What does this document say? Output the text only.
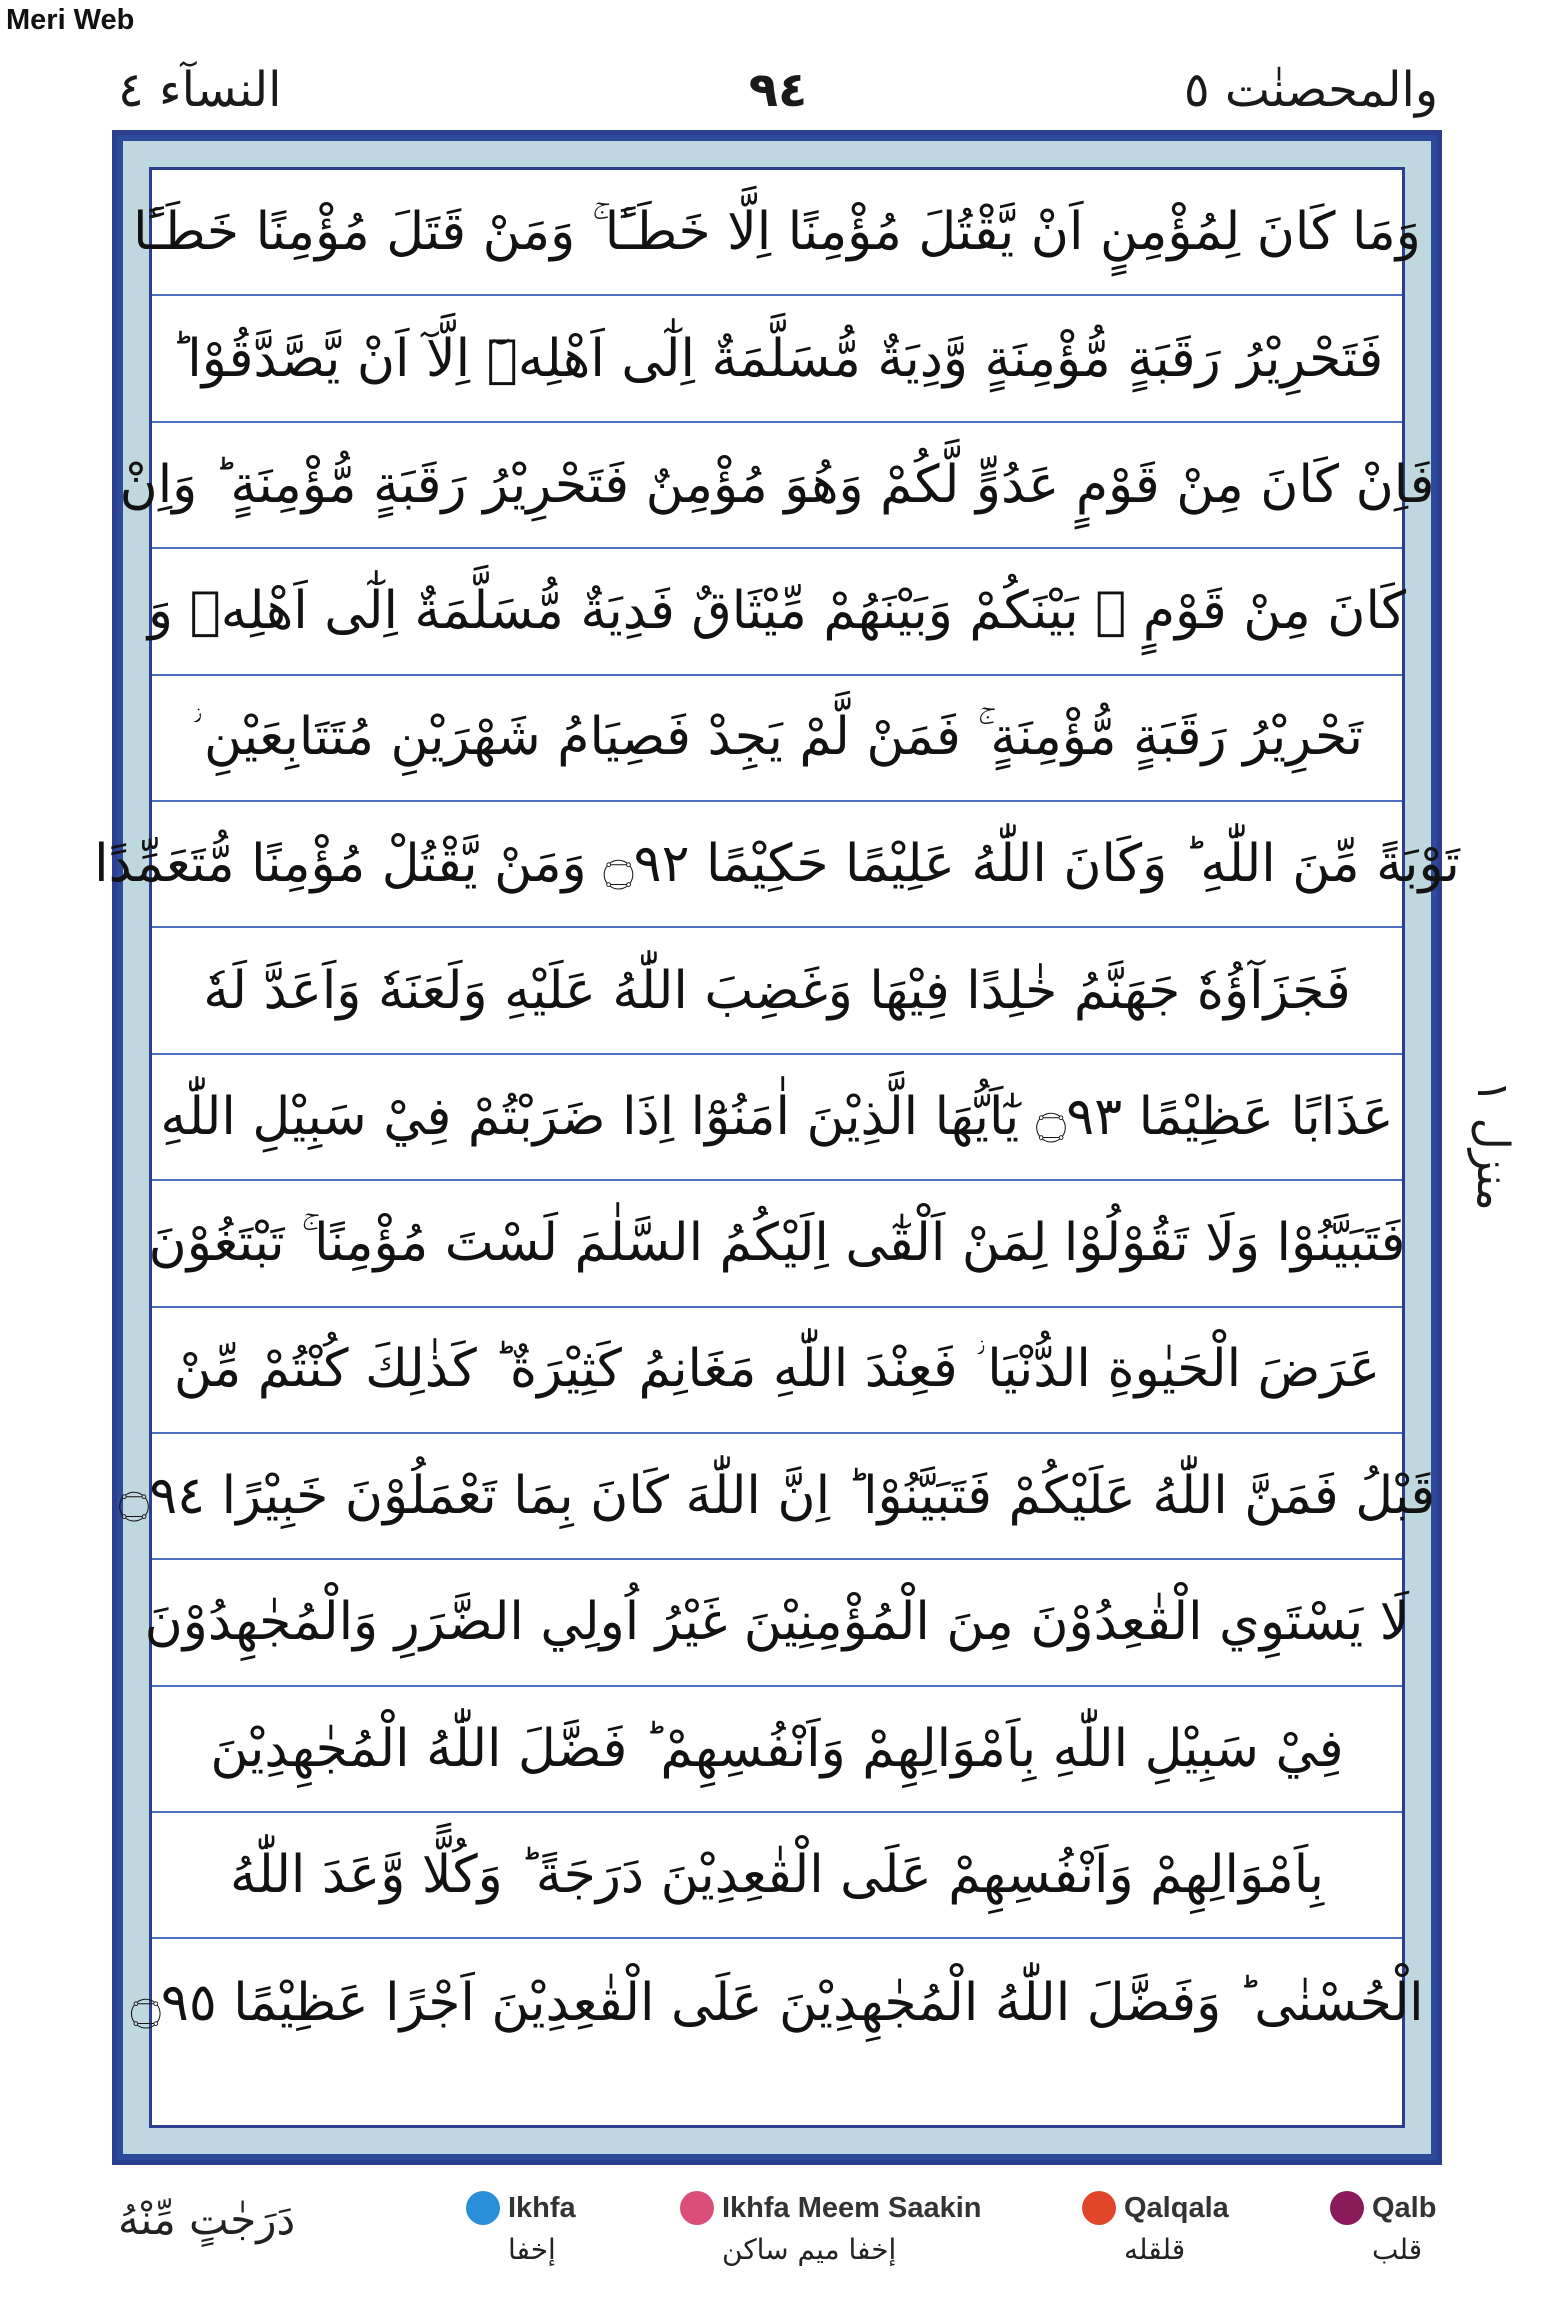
Meri Web
النسآء ٤	٩٤	والمحصنٰت ٥
وَمَا كَانَ لِمُؤْمِنٍ اَنْ يَّقْتُلَ مُؤْمِنًا اِلَّا خَطَـًٔا ۚ وَمَنْ قَتَلَ مُؤْمِنًا خَطَـًٔا
فَتَحْرِيْرُ رَقَبَةٍ مُّؤْمِنَةٍ وَّدِيَةٌ مُّسَلَّمَةٌ اِلٰٓى اَهْلِهٖٓ اِلَّآ اَنْ يَّصَّدَّقُوْا ؕ
فَاِنْ كَانَ مِنْ قَوْمٍ عَدُوٍّ لَّكُمْ وَهُوَ مُؤْمِنٌ فَتَحْرِيْرُ رَقَبَةٍ مُّؤْمِنَةٍ ؕ وَاِنْ
كَانَ مِنْ قَوْمٍ ۢ بَيْنَكُمْ وَبَيْنَهُمْ مِّيْثَاقٌ فَدِيَةٌ مُّسَلَّمَةٌ اِلٰٓى اَهْلِهٖ وَ
تَحْرِيْرُ رَقَبَةٍ مُّؤْمِنَةٍ ۚ فَمَنْ لَّمْ يَجِدْ فَصِيَامُ شَهْرَيْنِ مُتَتَابِعَيْنِ ؗ
تَوْبَةً مِّنَ اللّٰهِ ؕ وَكَانَ اللّٰهُ عَلِيْمًا حَكِيْمًا ۝٩٢ وَمَنْ يَّقْتُلْ مُؤْمِنًا مُّتَعَمِّدًا
فَجَزَآؤُهٗ جَهَنَّمُ خٰلِدًا فِيْهَا وَغَضِبَ اللّٰهُ عَلَيْهِ وَلَعَنَهٗ وَاَعَدَّ لَهٗ
عَذَابًا عَظِيْمًا ۝٩٣ يٰٓاَيُّهَا الَّذِيْنَ اٰمَنُوْٓا اِذَا ضَرَبْتُمْ فِيْ سَبِيْلِ اللّٰهِ
فَتَبَيَّنُوْا وَلَا تَقُوْلُوْا لِمَنْ اَلْقٰٓى اِلَيْكُمُ السَّلٰمَ لَسْتَ مُؤْمِنًا ۚ تَبْتَغُوْنَ
عَرَضَ الْحَيٰوةِ الدُّنْيَا ؗ فَعِنْدَ اللّٰهِ مَغَانِمُ كَثِيْرَةٌ ؕ كَذٰلِكَ كُنْتُمْ مِّنْ
قَبْلُ فَمَنَّ اللّٰهُ عَلَيْكُمْ فَتَبَيَّنُوْا ؕ اِنَّ اللّٰهَ كَانَ بِمَا تَعْمَلُوْنَ خَبِيْرًا ۝٩٤
لَا يَسْتَوِي الْقٰعِدُوْنَ مِنَ الْمُؤْمِنِيْنَ غَيْرُ اُولِي الضَّرَرِ وَالْمُجٰهِدُوْنَ
فِيْ سَبِيْلِ اللّٰهِ بِاَمْوَالِهِمْ وَاَنْفُسِهِمْ ؕ فَضَّلَ اللّٰهُ الْمُجٰهِدِيْنَ
بِاَمْوَالِهِمْ وَاَنْفُسِهِمْ عَلَى الْقٰعِدِيْنَ دَرَجَةً ؕ وَكُلًّا وَّعَدَ اللّٰهُ
الْحُسْنٰى ؕ وَفَضَّلَ اللّٰهُ الْمُجٰهِدِيْنَ عَلَى الْقٰعِدِيْنَ اَجْرًا عَظِيْمًا ۝٩٥
منزل ١
دَرَجٰتٍ مِّنْهُ	Ikhfa
إخفا
Ikhfa Meem Saakin
إخفا ميم ساكن
Qalqala
قلقله
Qalb
قلب
